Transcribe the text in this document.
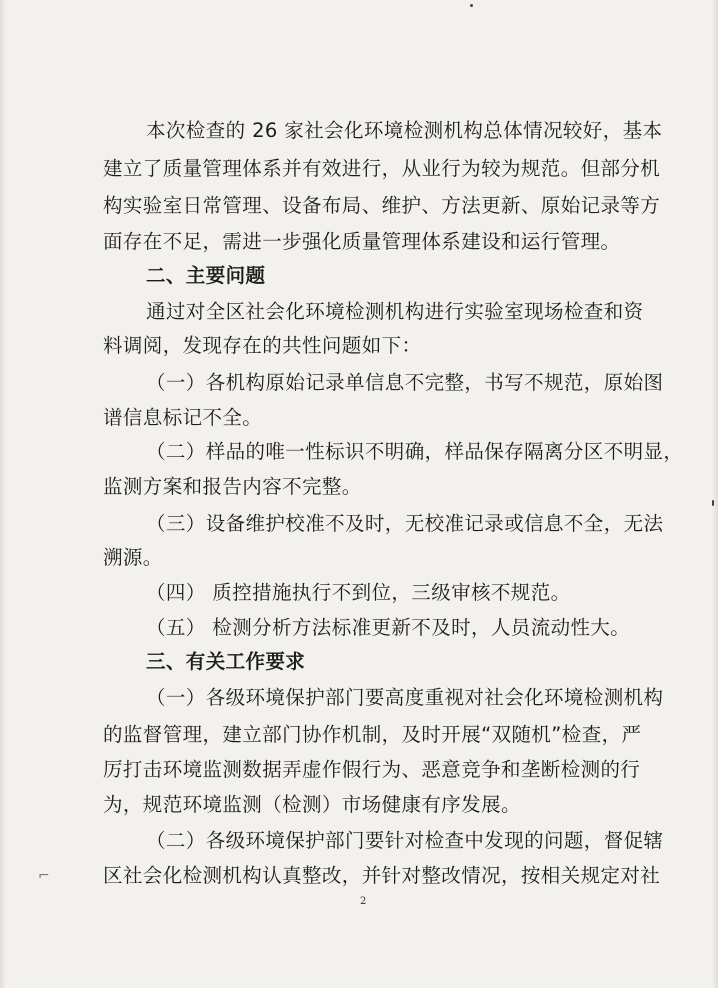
⌐
本次检查的 26 家社会化环境检测机构总体情况较好，基本
建立了质量管理体系并有效进行，从业行为较为规范。但部分机
构实验室日常管理、设备布局、维护、方法更新、原始记录等方
面存在不足，需进一步强化质量管理体系建设和运行管理。
二、主要问题
通过对全区社会化环境检测机构进行实验室现场检查和资
料调阅，发现存在的共性问题如下：
（一）各机构原始记录单信息不完整，书写不规范，原始图
谱信息标记不全。
（二）样品的唯一性标识不明确，样品保存隔离分区不明显，
监测方案和报告内容不完整。
（三）设备维护校准不及时，无校准记录或信息不全，无法
溯源。
（四） 质控措施执行不到位，三级审核不规范。
（五） 检测分析方法标准更新不及时，人员流动性大。
三、有关工作要求
（一）各级环境保护部门要高度重视对社会化环境检测机构
的监督管理，建立部门协作机制，及时开展“双随机”检查，严
厉打击环境监测数据弄虚作假行为、恶意竞争和垄断检测的行
为，规范环境监测（检测）市场健康有序发展。
（二）各级环境保护部门要针对检查中发现的问题，督促辖
区社会化检测机构认真整改，并针对整改情况，按相关规定对社
2
